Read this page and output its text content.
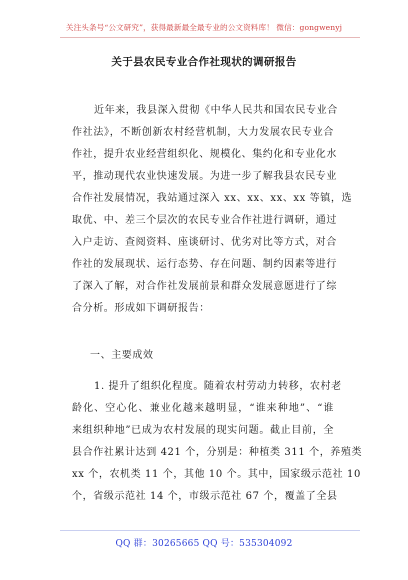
关注头条号“公文研究”，获得最新最全最专业的公文资料库！ 微信：gongwenyj
关于县农民专业合作社现状的调研报告
近年来，我县深入贯彻《中华人民共和国农民专业合
作社法》，不断创新农村经营机制，大力发展农民专业合
作社，提升农业经营组织化、规模化、集约化和专业化水
平，推动现代农业快速发展。为进一步了解我县农民专业
合作社发展情况，我站通过深入 xx、xx、xx、xx 等镇，选
取优、中、差三个层次的农民专业合作社进行调研，通过
入户走访、查阅资料、座谈研讨、优劣对比等方式，对合
作社的发展现状、运行态势、存在问题、制约因素等进行
了深入了解，对合作社发展前景和群众发展意愿进行了综
合分析。形成如下调研报告：
一、主要成效
1. 提升了组织化程度。随着农村劳动力转移，农村老
龄化、空心化、兼业化越来越明显，“谁来种地”、“谁
来组织种地”已成为农村发展的现实问题。截止目前，全
县合作社累计达到 421 个，分别是：种植类 311 个，养殖类
xx 个，农机类 11 个，其他 10 个。其中，国家级示范社 10
个，省级示范社 14 个，市级示范社 67 个，覆盖了全县
QQ 群：30265665 QQ 号：535304092
